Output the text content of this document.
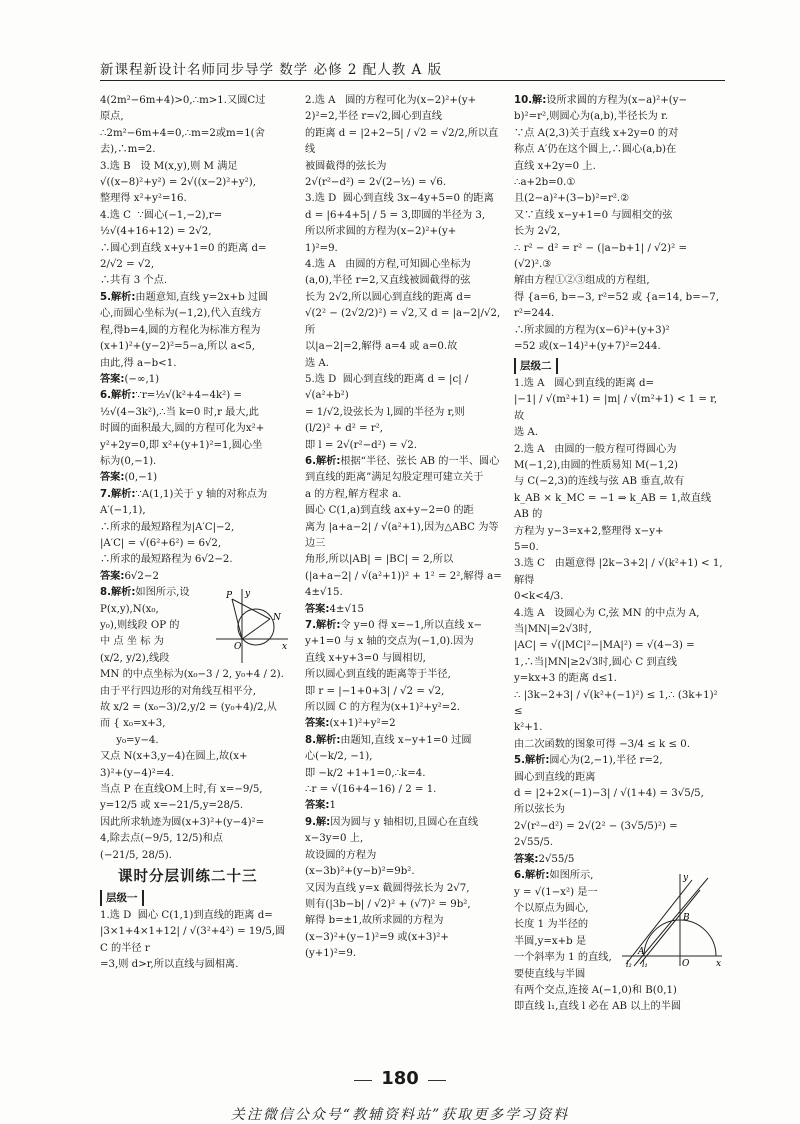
新课程新设计名师同步导学 数学 必修 2 配人教 A 版

4(2m²−6m+4)>0,∴m>1.又圆C过

原点,

∴2m²−6m+4=0,∴m=2或m=1(舍

去),∴m=2.

3.选 B   设 M(x,y),则 M 满足

√((x−8)²+y²) = 2√((x−2)²+y²),

整理得 x²+y²=16.

4.选 C  ∵圆心(−1,−2),r=

½√(4+16+12) = 2√2,

∴圆心到直线 x+y+1=0 的距离 d=

2/√2 = √2,

∴共有 3 个点.

5.解析:由题意知,直线 y=2x+b 过圆

心,而圆心坐标为(−1,2),代入直线方

程,得b=4,圆的方程化为标准方程为

(x+1)²+(y−2)²=5−a,所以 a<5,

由此,得 a−b<1.

答案:(−∞,1)

6.解析:∵r=½√(k²+4−4k²) =

½√(4−3k²),∴当 k=0 时,r 最大,此

时圆的面积最大,圆的方程可化为x²+

y²+2y=0,即 x²+(y+1)²=1,圆心坐

标为(0,−1).

答案:(0,−1)

7.解析:∵A(1,1)关于 y 轴的对称点为

A′(−1,1),

∴所求的最短路程为|A′C|−2,

|A′C| = √(6²+6²) = 6√2,

∴所求的最短路程为 6√2−2.

答案:6√2−2

P
N
O	x
y

8.解析:如图所示,设

P(x,y),N(x₀,

y₀),则线段 OP 的

中 点 坐 标 为

(x/2, y/2),线段

MN 的中点坐标为(x₀−3 / 2, y₀+4 / 2).

由于平行四边形的对角线互相平分,

故 x/2 = (x₀−3)/2,y/2 = (y₀+4)/2,从

而 { x₀=x+3,

y₀=y−4.

又点 N(x+3,y−4)在圆上,故(x+

3)²+(y−4)²=4.

当点 P 在直线OM上时,有 x=−9/5,

y=12/5 或 x=−21/5,y=28/5.

因此所求轨迹为圆(x+3)²+(y−4)²=

4,除去点(−9/5, 12/5)和点

(−21/5, 28/5).

课时分层训练二十三

层级一

1.选 D  圆心 C(1,1)到直线的距离 d=

|3×1+4×1+12| / √(3²+4²) = 19/5,圆 C 的半径 r

=3,则 d>r,所以直线与圆相离.

2.选 A   圆的方程可化为(x−2)²+(y+

2)²=2,半径 r=√2,圆心到直线

的距离 d = |2+2−5| / √2 = √2/2,所以直线

被圆截得的弦长为

2√(r²−d²) = 2√(2−½) = √6.

3.选 D  圆心到直线 3x−4y+5=0 的距离

d = |6+4+5| / 5 = 3,即圆的半径为 3,

所以所求圆的方程为(x−2)²+(y+

1)²=9.

4.选 A   由圆的方程,可知圆心坐标为

(a,0),半径 r=2,又直线被圆截得的弦

长为 2√2,所以圆心到直线的距离 d=

√(2² − (2√2/2)²) = √2,又 d = |a−2|/√2,所

以|a−2|=2,解得 a=4 或 a=0.故

选 A.

5.选 D  圆心到直线的距离 d = |c| / √(a²+b²)

= 1/√2,设弦长为 l,圆的半径为 r,则

(l/2)² + d² = r²,

即 l = 2√(r²−d²) = √2.

6.解析:根据“半径、弦长 AB 的一半、圆心

到直线的距离”满足勾股定理可建立关于

a 的方程,解方程求 a.

圆心 C(1,a)到直线 ax+y−2=0 的距

离为 |a+a−2| / √(a²+1),因为△ABC 为等边三

角形,所以|AB| = |BC| = 2,所以

(|a+a−2| / √(a²+1))² + 1² = 2²,解得 a=

4±√15.

答案:4±√15

7.解析:令 y=0 得 x=−1,所以直线 x−

y+1=0 与 x 轴的交点为(−1,0).因为

直线 x+y+3=0 与圆相切,

所以圆心到直线的距离等于半径,

即 r = |−1+0+3| / √2 = √2,

所以圆 C 的方程为(x+1)²+y²=2.

答案:(x+1)²+y²=2

8.解析:由题知,直线 x−y+1=0 过圆

心(−k/2, −1),

即 −k/2 +1+1=0,∴k=4.

∴r = √(16+4−16) / 2 = 1.

答案:1

9.解:因为圆与 y 轴相切,且圆心在直线

x−3y=0 上,

故设圆的方程为

(x−3b)²+(y−b)²=9b².

又因为直线 y=x 截圆得弦长为 2√7,

则有(|3b−b| / √2)² + (√7)² = 9b²,

解得 b=±1,故所求圆的方程为

(x−3)²+(y−1)²=9 或(x+3)²+

(y+1)²=9.

10.解:设所求圆的方程为(x−a)²+(y−

b)²=r²,则圆心为(a,b),半径长为 r.

∵点 A(2,3)关于直线 x+2y=0 的对

称点 A′仍在这个圆上,∴圆心(a,b)在

直线 x+2y=0 上.

∴a+2b=0.①

且(2−a)²+(3−b)²=r².②

又∵直线 x−y+1=0 与圆相交的弦

长为 2√2,

∴ r² − d² = r² − (|a−b+1| / √2)² =

(√2)².③

解由方程①②③组成的方程组,

得 {a=6, b=−3, r²=52 或 {a=14, b=−7, r²=244.

∴所求圆的方程为(x−6)²+(y+3)²

=52 或(x−14)²+(y+7)²=244.

层级二

1.选 A   圆心到直线的距离 d=

|−1| / √(m²+1) = |m| / √(m²+1) < 1 = r,故

选 A.

2.选 A   由圆的一般方程可得圆心为

M(−1,2),由圆的性质易知 M(−1,2)

与 C(−2,3)的连线与弦 AB 垂直,故有

k_AB × k_MC = −1 ⇒ k_AB = 1,故直线 AB 的

方程为 y−3=x+2,整理得 x−y+

5=0.

3.选 C   由题意得 |2k−3+2| / √(k²+1) < 1,解得

0<k<4/3.

4.选 A   设圆心为 C,弦 MN 的中点为 A,

当|MN|=2√3时,

|AC| = √(|MC|²−|MA|²) = √(4−3) =

1,∴当|MN|≥2√3时,圆心 C 到直线

y=kx+3 的距离 d≤1.

∴ |3k−2+3| / √(k²+(−1)²) ≤ 1,∴ (3k+1)² ≤

k²+1.

由二次函数的图象可得 −3/4 ≤ k ≤ 0.

5.解析:圆心为(2,−1),半径 r=2,

圆心到直线的距离

d = |2+2×(−1)−3| / √(1+4) = 3√5/5,

所以弦长为

2√(r²−d²) = 2√(2² − (3√5/5)²) =

2√55/5.

答案:2√55/5

y
B
A
O
l₁
l₂	x

6.解析:如图所示,

y = √(1−x²) 是一

个以原点为圆心,

长度 1 为半径的

半圆,y=x+b 是

一个斜率为 1 的直线,要使直线与半圆

有两个交点,连接 A(−1,0)和 B(0,1)

即直线 l₁,直线 l 必在 AB 以上的半圆

180
关注微信公众号“教辅资料站”获取更多学习资料
